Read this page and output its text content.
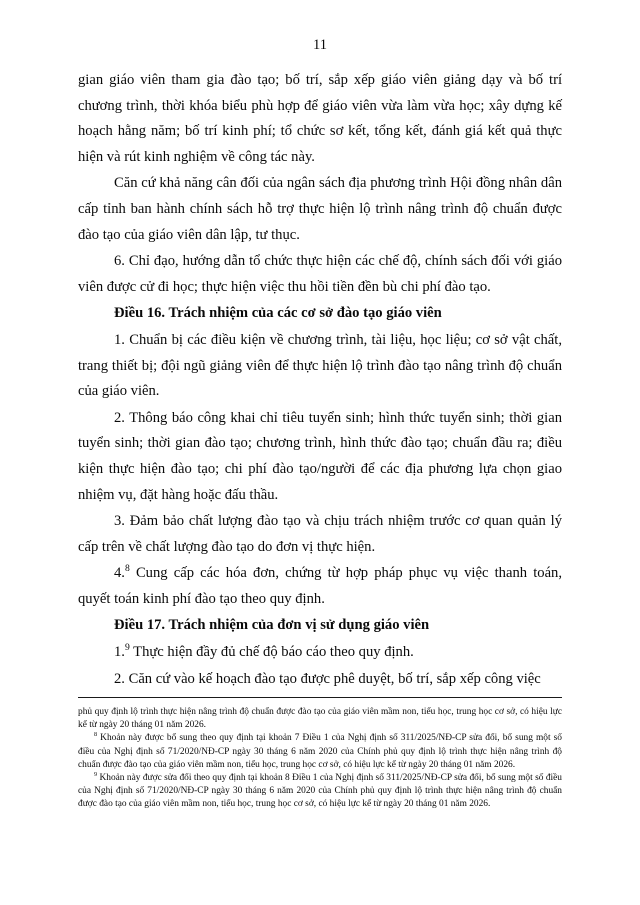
11

gian giáo viên tham gia đào tạo; bố trí, sắp xếp giáo viên giảng dạy và bố trí chương trình, thời khóa biểu phù hợp để giáo viên vừa làm vừa học; xây dựng kế hoạch hằng năm; bố trí kinh phí; tổ chức sơ kết, tổng kết, đánh giá kết quả thực hiện và rút kinh nghiệm về công tác này.

Căn cứ khả năng cân đối của ngân sách địa phương trình Hội đồng nhân dân cấp tỉnh ban hành chính sách hỗ trợ thực hiện lộ trình nâng trình độ chuẩn được đào tạo của giáo viên dân lập, tư thục.

6. Chỉ đạo, hướng dẫn tổ chức thực hiện các chế độ, chính sách đối với giáo viên được cử đi học; thực hiện việc thu hồi tiền đền bù chi phí đào tạo.

Điều 16. Trách nhiệm của các cơ sở đào tạo giáo viên

1. Chuẩn bị các điều kiện về chương trình, tài liệu, học liệu; cơ sở vật chất, trang thiết bị; đội ngũ giảng viên để thực hiện lộ trình đào tạo nâng trình độ chuẩn của giáo viên.

2. Thông báo công khai chỉ tiêu tuyển sinh; hình thức tuyển sinh; thời gian tuyển sinh; thời gian đào tạo; chương trình, hình thức đào tạo; chuẩn đầu ra; điều kiện thực hiện đào tạo; chi phí đào tạo/người để các địa phương lựa chọn giao nhiệm vụ, đặt hàng hoặc đấu thầu.

3. Đảm bảo chất lượng đào tạo và chịu trách nhiệm trước cơ quan quản lý cấp trên về chất lượng đào tạo do đơn vị thực hiện.

4.$^8$ Cung cấp các hóa đơn, chứng từ hợp pháp phục vụ việc thanh toán, quyết toán kinh phí đào tạo theo quy định.

Điều 17. Trách nhiệm của đơn vị sử dụng giáo viên

1.$^9$ Thực hiện đầy đủ chế độ báo cáo theo quy định.

2. Căn cứ vào kế hoạch đào tạo được phê duyệt, bố trí, sắp xếp công việc

phủ quy định lộ trình thực hiện nâng trình độ chuẩn được đào tạo của giáo viên mầm non, tiểu học, trung học cơ sở, có hiệu lực kể từ ngày 20 tháng 01 năm 2026.

$^8$ Khoản này được bổ sung theo quy định tại khoản 7 Điều 1 của Nghị định số 311/2025/NĐ-CP sửa đổi, bổ sung một số điều của Nghị định số 71/2020/NĐ-CP ngày 30 tháng 6 năm 2020 của Chính phủ quy định lộ trình thực hiện nâng trình độ chuẩn được đào tạo của giáo viên mầm non, tiểu học, trung học cơ sở, có hiệu lực kể từ ngày 20 tháng 01 năm 2026.

$^9$ Khoản này được sửa đổi theo quy định tại khoản 8 Điều 1 của Nghị định số 311/2025/NĐ-CP sửa đổi, bổ sung một số điều của Nghị định số 71/2020/NĐ-CP ngày 30 tháng 6 năm 2020 của Chính phủ quy định lộ trình thực hiện nâng trình độ chuẩn được đào tạo của giáo viên mầm non, tiểu học, trung học cơ sở, có hiệu lực kể từ ngày 20 tháng 01 năm 2026.
